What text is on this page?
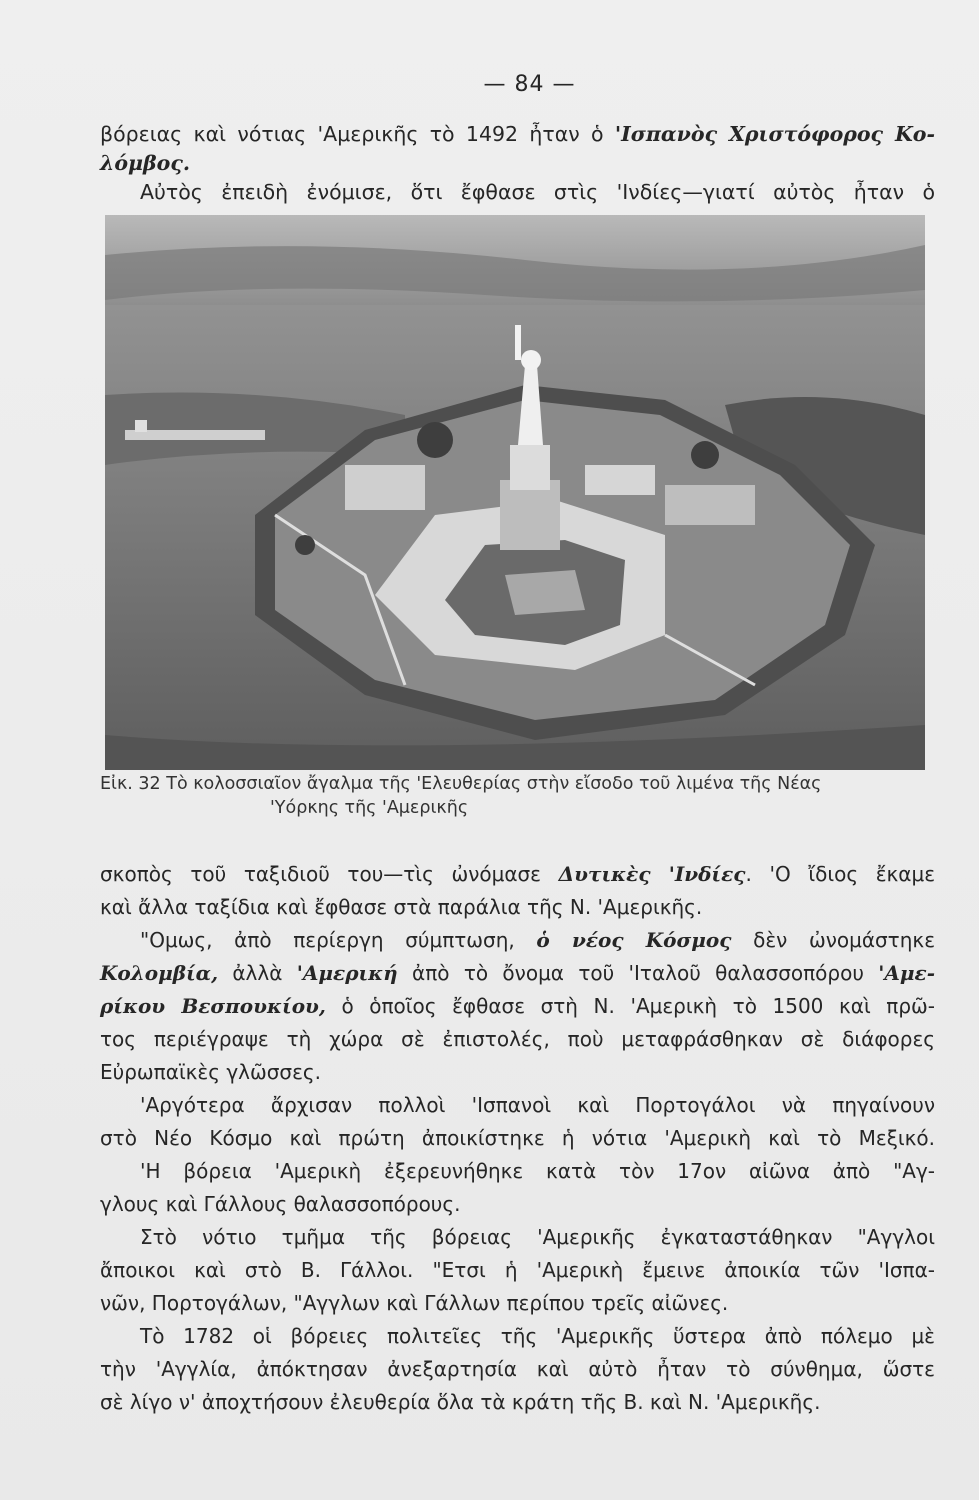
— 84 —
βόρειας καὶ νότιας 'Αμερικῆς τὸ 1492 ἦταν ὁ 'Ισπανὸς Χριστόφορος Κο-
λόμβος.
Αὐτὸς ἐπειδὴ ἐνόμισε, ὅτι ἔφθασε στὶς 'Ινδίες—γιατί αὐτὸς ἦταν ὁ
Εἰκ. 32 Τὸ κολοσσιαῖον ἄγαλμα τῆς 'Ελευθερίας στὴν εἴσοδο τοῦ λιμένα τῆς Νέας
'Υόρκης τῆς 'Αμερικῆς
σκοπὸς τοῦ ταξιδιοῦ του—τὶς ὠνόμασε Δυτικὲς 'Ινδίες. 'Ο ἴδιος ἔκαμε
καὶ ἄλλα ταξίδια καὶ ἔφθασε στὰ παράλια τῆς Ν. 'Αμερικῆς.
"Ομως, ἀπὸ περίεργη σύμπτωση, ὁ νέος Κόσμος δὲν ὠνομάστηκε
Κολομβία, ἀλλὰ 'Αμερική ἀπὸ τὸ ὄνομα τοῦ 'Ιταλοῦ θαλασσοπόρου 'Αμε-
ρίκου Βεσπουκίου, ὁ ὁποῖος ἔφθασε στὴ Ν. 'Αμερικὴ τὸ 1500 καὶ πρῶ-
τος περιέγραψε τὴ χώρα σὲ ἐπιστολές, ποὺ μεταφράσθηκαν σὲ διάφορες
Εὐρωπαϊκὲς γλῶσσες.
'Αργότερα ἄρχισαν πολλοὶ 'Ισπανοὶ καὶ Πορτογάλοι νὰ πηγαίνουν
στὸ Νέο Κόσμο καὶ πρώτη ἀποικίστηκε ἡ νότια 'Αμερικὴ καὶ τὸ Μεξικό.
'Η βόρεια 'Αμερικὴ ἐξερευνήθηκε κατὰ τὸν 17ον αἰῶνα ἀπὸ "Αγ-
γλους καὶ Γάλλους θαλασσοπόρους.
Στὸ νότιο τμῆμα τῆς βόρειας 'Αμερικῆς ἐγκαταστάθηκαν "Αγγλοι
ἄποικοι καὶ στὸ Β. Γάλλοι. "Ετσι ἡ 'Αμερικὴ ἔμεινε ἀποικία τῶν 'Ισπα-
νῶν, Πορτογάλων, "Αγγλων καὶ Γάλλων περίπου τρεῖς αἰῶνες.
Τὸ 1782 οἱ βόρειες πολιτεῖες τῆς 'Αμερικῆς ὕστερα ἀπὸ πόλεμο μὲ
τὴν 'Αγγλία, ἀπόκτησαν ἀνεξαρτησία καὶ αὐτὸ ἦταν τὸ σύνθημα, ὥστε
σὲ λίγο ν' ἀποχτήσουν ἐλευθερία ὅλα τὰ κράτη τῆς Β. καὶ Ν. 'Αμερικῆς.
